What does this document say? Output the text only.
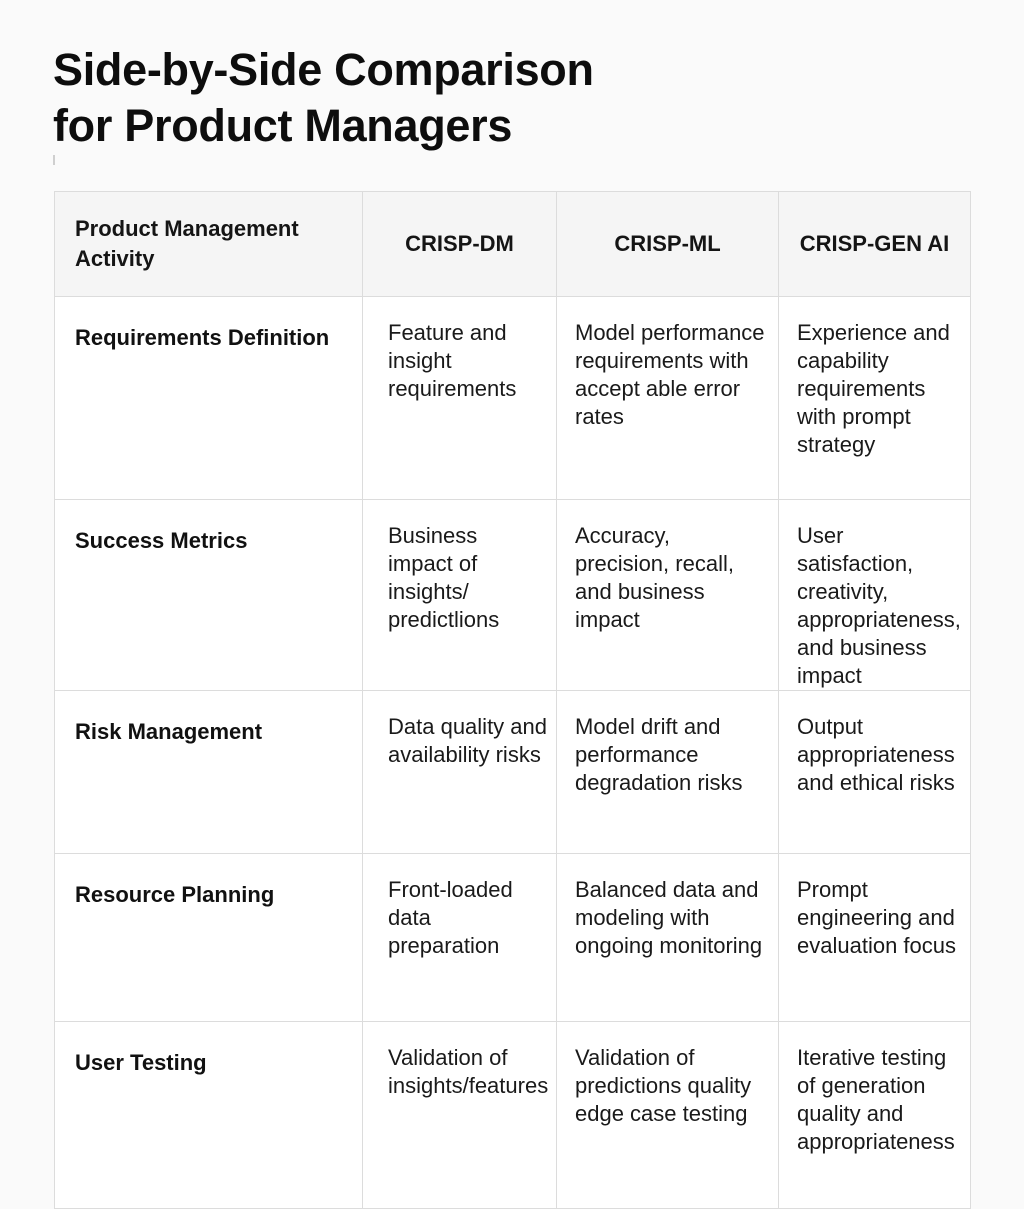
Side-by-Side Comparison
for Product Managers
Product Management Activity	CRISP-DM	CRISP-ML	CRISP-GEN AI
Requirements Definition	Feature and insight requirements	Model performance requirements with accept able error rates	Experience and capability requirements with prompt strategy
Success Metrics	Business impact of insights/ predictlions	Accuracy, precision, recall, and business impact	User satisfaction, creativity, appropriateness, and business impact
Risk Management	Data quality and availability risks	Model drift and performance degradation risks	Output appropriateness and ethical risks
Resource Planning	Front-loaded data preparation	Balanced data and modeling with ongoing monitoring	Prompt engineering and evaluation focus
User Testing	Validation of insights/features	Validation of predictions quality edge case testing	Iterative testing of generation quality and appropriateness
